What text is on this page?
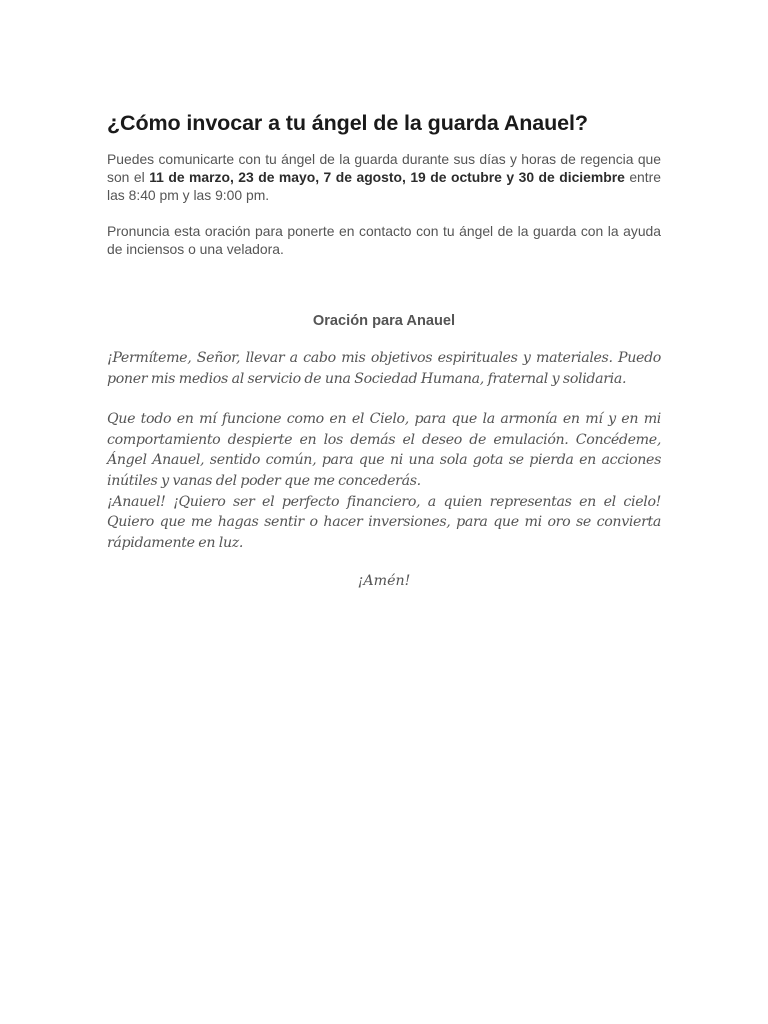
¿Cómo invocar a tu ángel de la guarda Anauel?

Puedes comunicarte con tu ángel de la guarda durante sus días y horas de regencia que son el 11 de marzo, 23 de mayo, 7 de agosto, 19 de octubre y 30 de diciembre entre las 8:40 pm y las 9:00 pm.

Pronuncia esta oración para ponerte en contacto con tu ángel de la guarda con la ayuda de inciensos o una veladora.

Oración para Anauel

¡Permíteme, Señor, llevar a cabo mis objetivos espirituales y materiales. Puedo poner mis medios al servicio de una Sociedad Humana, fraternal y solidaria.

Que todo en mí funcione como en el Cielo, para que la armonía en mí y en mi comportamiento despierte en los demás el deseo de emulación. Concédeme, Ángel Anauel, sentido común, para que ni una sola gota se pierda en acciones inútiles y vanas del poder que me concederás.

¡Anauel! ¡Quiero ser el perfecto financiero, a quien representas en el cielo! Quiero que me hagas sentir o hacer inversiones, para que mi oro se convierta rápidamente en luz.

¡Amén!
